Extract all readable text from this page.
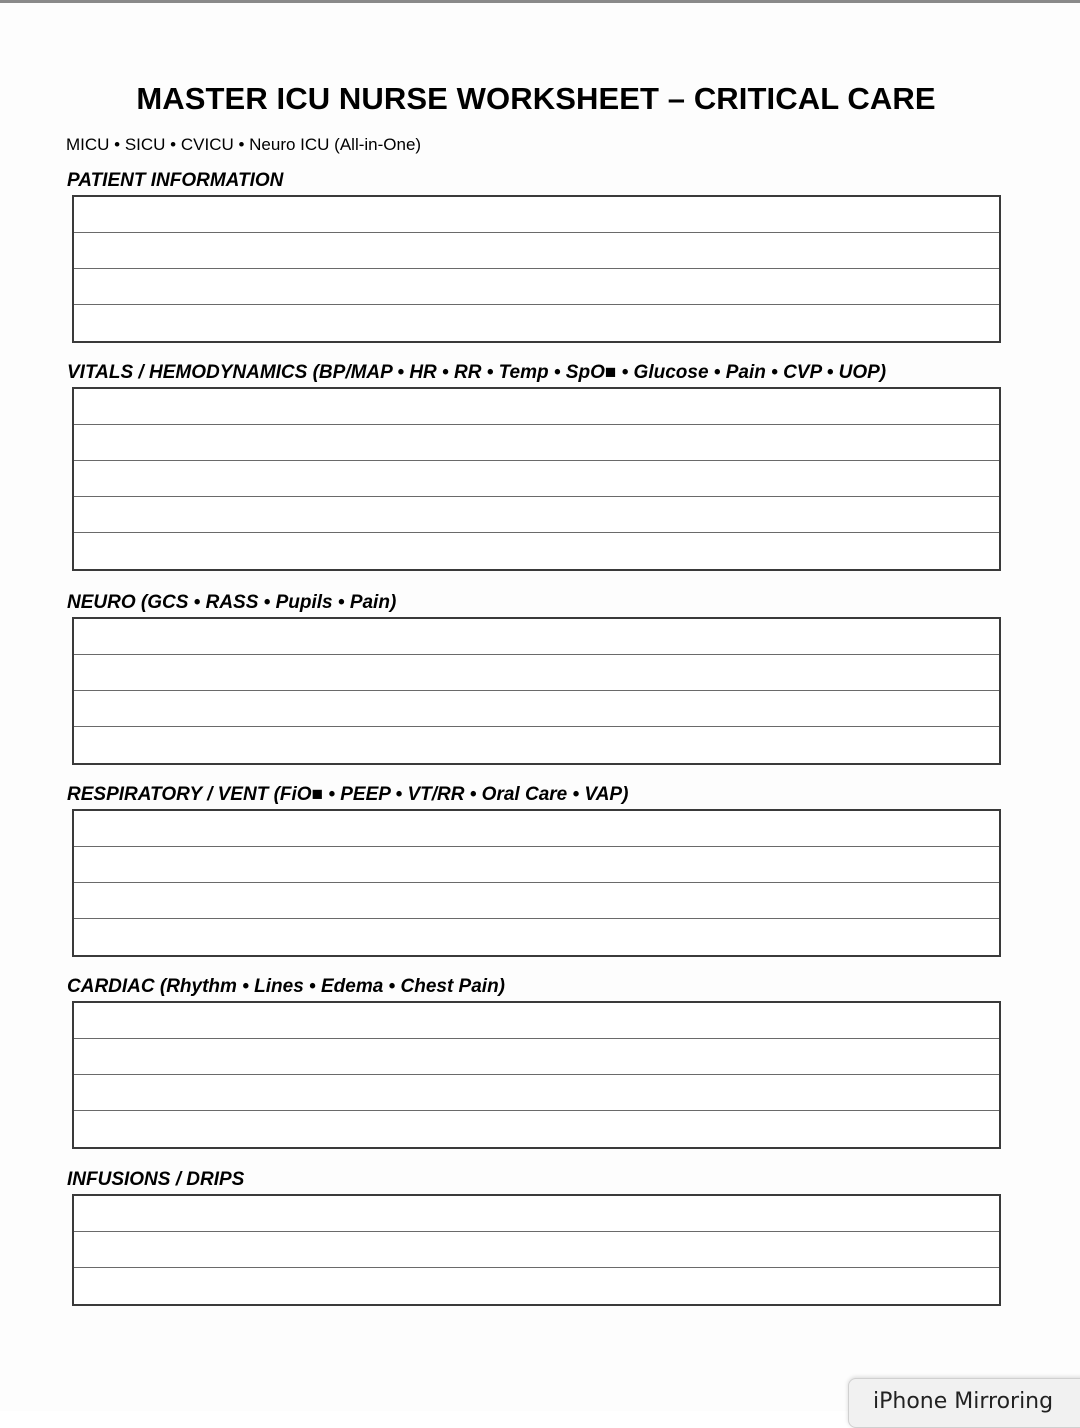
MASTER ICU NURSE WORKSHEET – CRITICAL CARE

MICU • SICU • CVICU • Neuro ICU (All-in-One)

PATIENT INFORMATION

VITALS / HEMODYNAMICS (BP/MAP • HR • RR • Temp • SpO■ • Glucose • Pain • CVP • UOP)

NEURO (GCS • RASS • Pupils • Pain)

RESPIRATORY / VENT (FiO■ • PEEP • VT/RR • Oral Care • VAP)

CARDIAC (Rhythm • Lines • Edema • Chest Pain)

INFUSIONS / DRIPS

iPhone Mirroring
